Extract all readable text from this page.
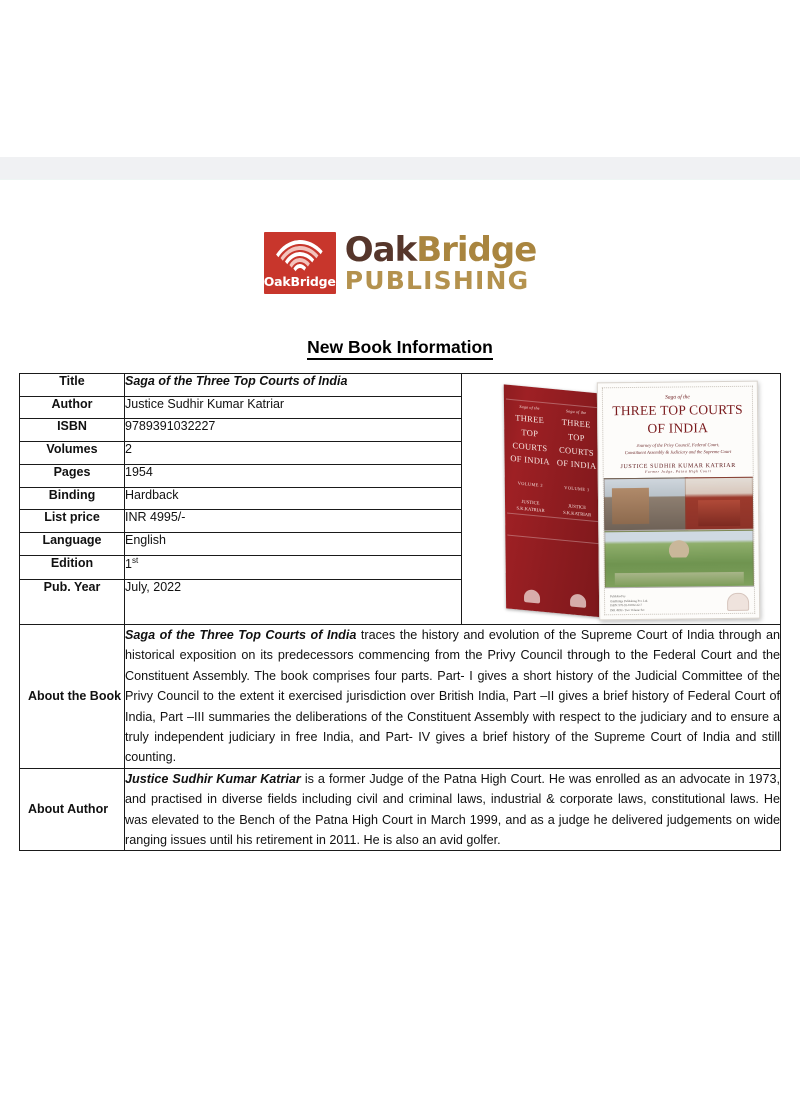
OakBridge
OakBridge
PUBLISHING
New Book Information
Title	Saga of the Three Top Courts of India	
Saga of the
THREE TOP COURTS OF INDIA
VOLUME 2
JUSTICE S.K.KATRIAR
Saga of the
THREE TOP COURTS OF INDIA
VOLUME 1
JUSTICE S.K.KATRIAR
Saga of the
THREE TOP COURTS
OF INDIA
Journey of the Privy Council, Federal Court,
Constituent Assembly & Judiciary and the Supreme Court
JUSTICE SUDHIR KUMAR KATRIAR
Former Judge, Patna High Court
Published by
OakBridge Publishing Pvt. Ltd.
ISBN: 978-93-91032-22-7
INR 4995/- Two Volume Set

Author	Justice Sudhir Kumar Katriar	
ISBN	9789391032227	
Volumes	2	
Pages	1954	
Binding	Hardback	
List price	INR 4995/-	
Language	English	
Edition	1st
Pub. Year	July, 2022	
About the Book	Saga of the Three Top Courts of India traces the history and evolution of the Supreme Court of India through an historical exposition on its predecessors commencing from the Privy Council through to the Federal Court and the Constituent Assembly. The book comprises four parts. Part- I gives a short history of the Judicial Committee of the Privy Council to the extent it exercised jurisdiction over British India, Part –II gives a brief history of Federal Court of India, Part –III summaries the deliberations of the Constituent Assembly with respect to the judiciary and to ensure a truly independent judiciary in free India, and Part- IV gives a brief history of the Supreme Court of India and still counting.	
About Author	Justice Sudhir Kumar Katriar is a former Judge of the Patna High Court. He was enrolled as an advocate in 1973, and practised in diverse fields including civil and criminal laws, industrial & corporate laws, constitutional laws. He was elevated to the Bench of the Patna High Court in March 1999, and as a judge he delivered judgements on wide ranging issues until his retirement in 2011. He is also an avid golfer.	
